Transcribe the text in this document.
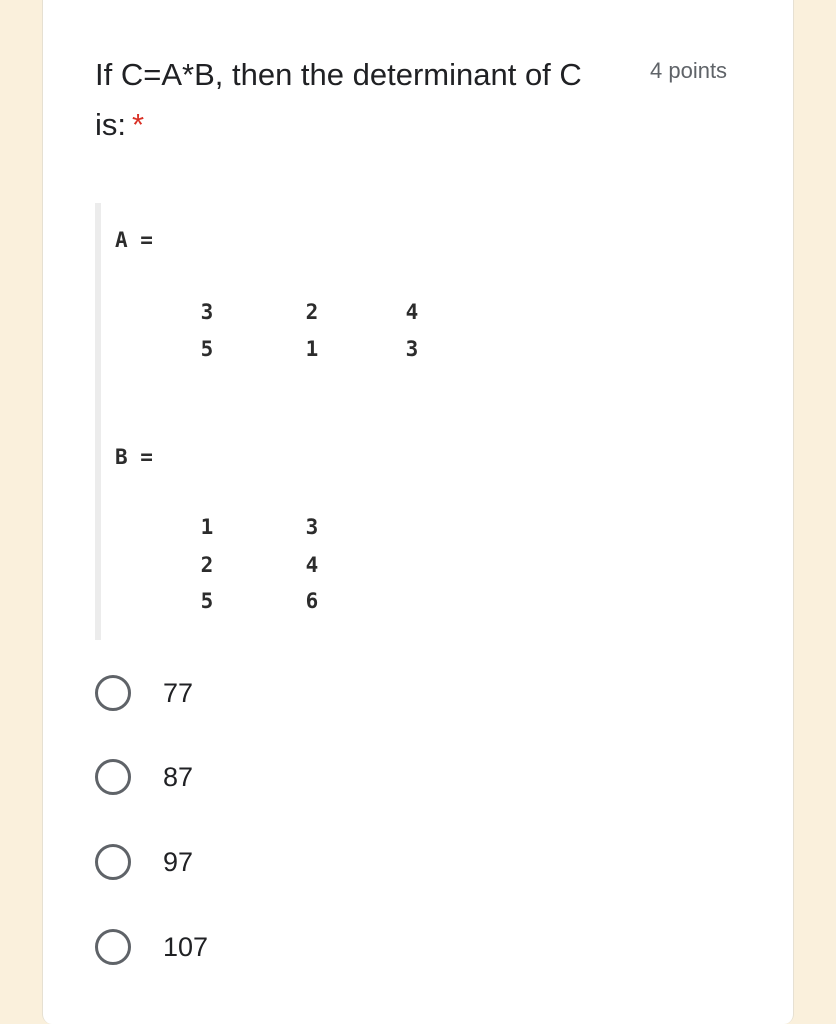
If C=A*B, then the determinant of C is: *
4 points
A =
3	2	4
5	1	3
B =
1	3
2	4
5	6
77
87
97
107
